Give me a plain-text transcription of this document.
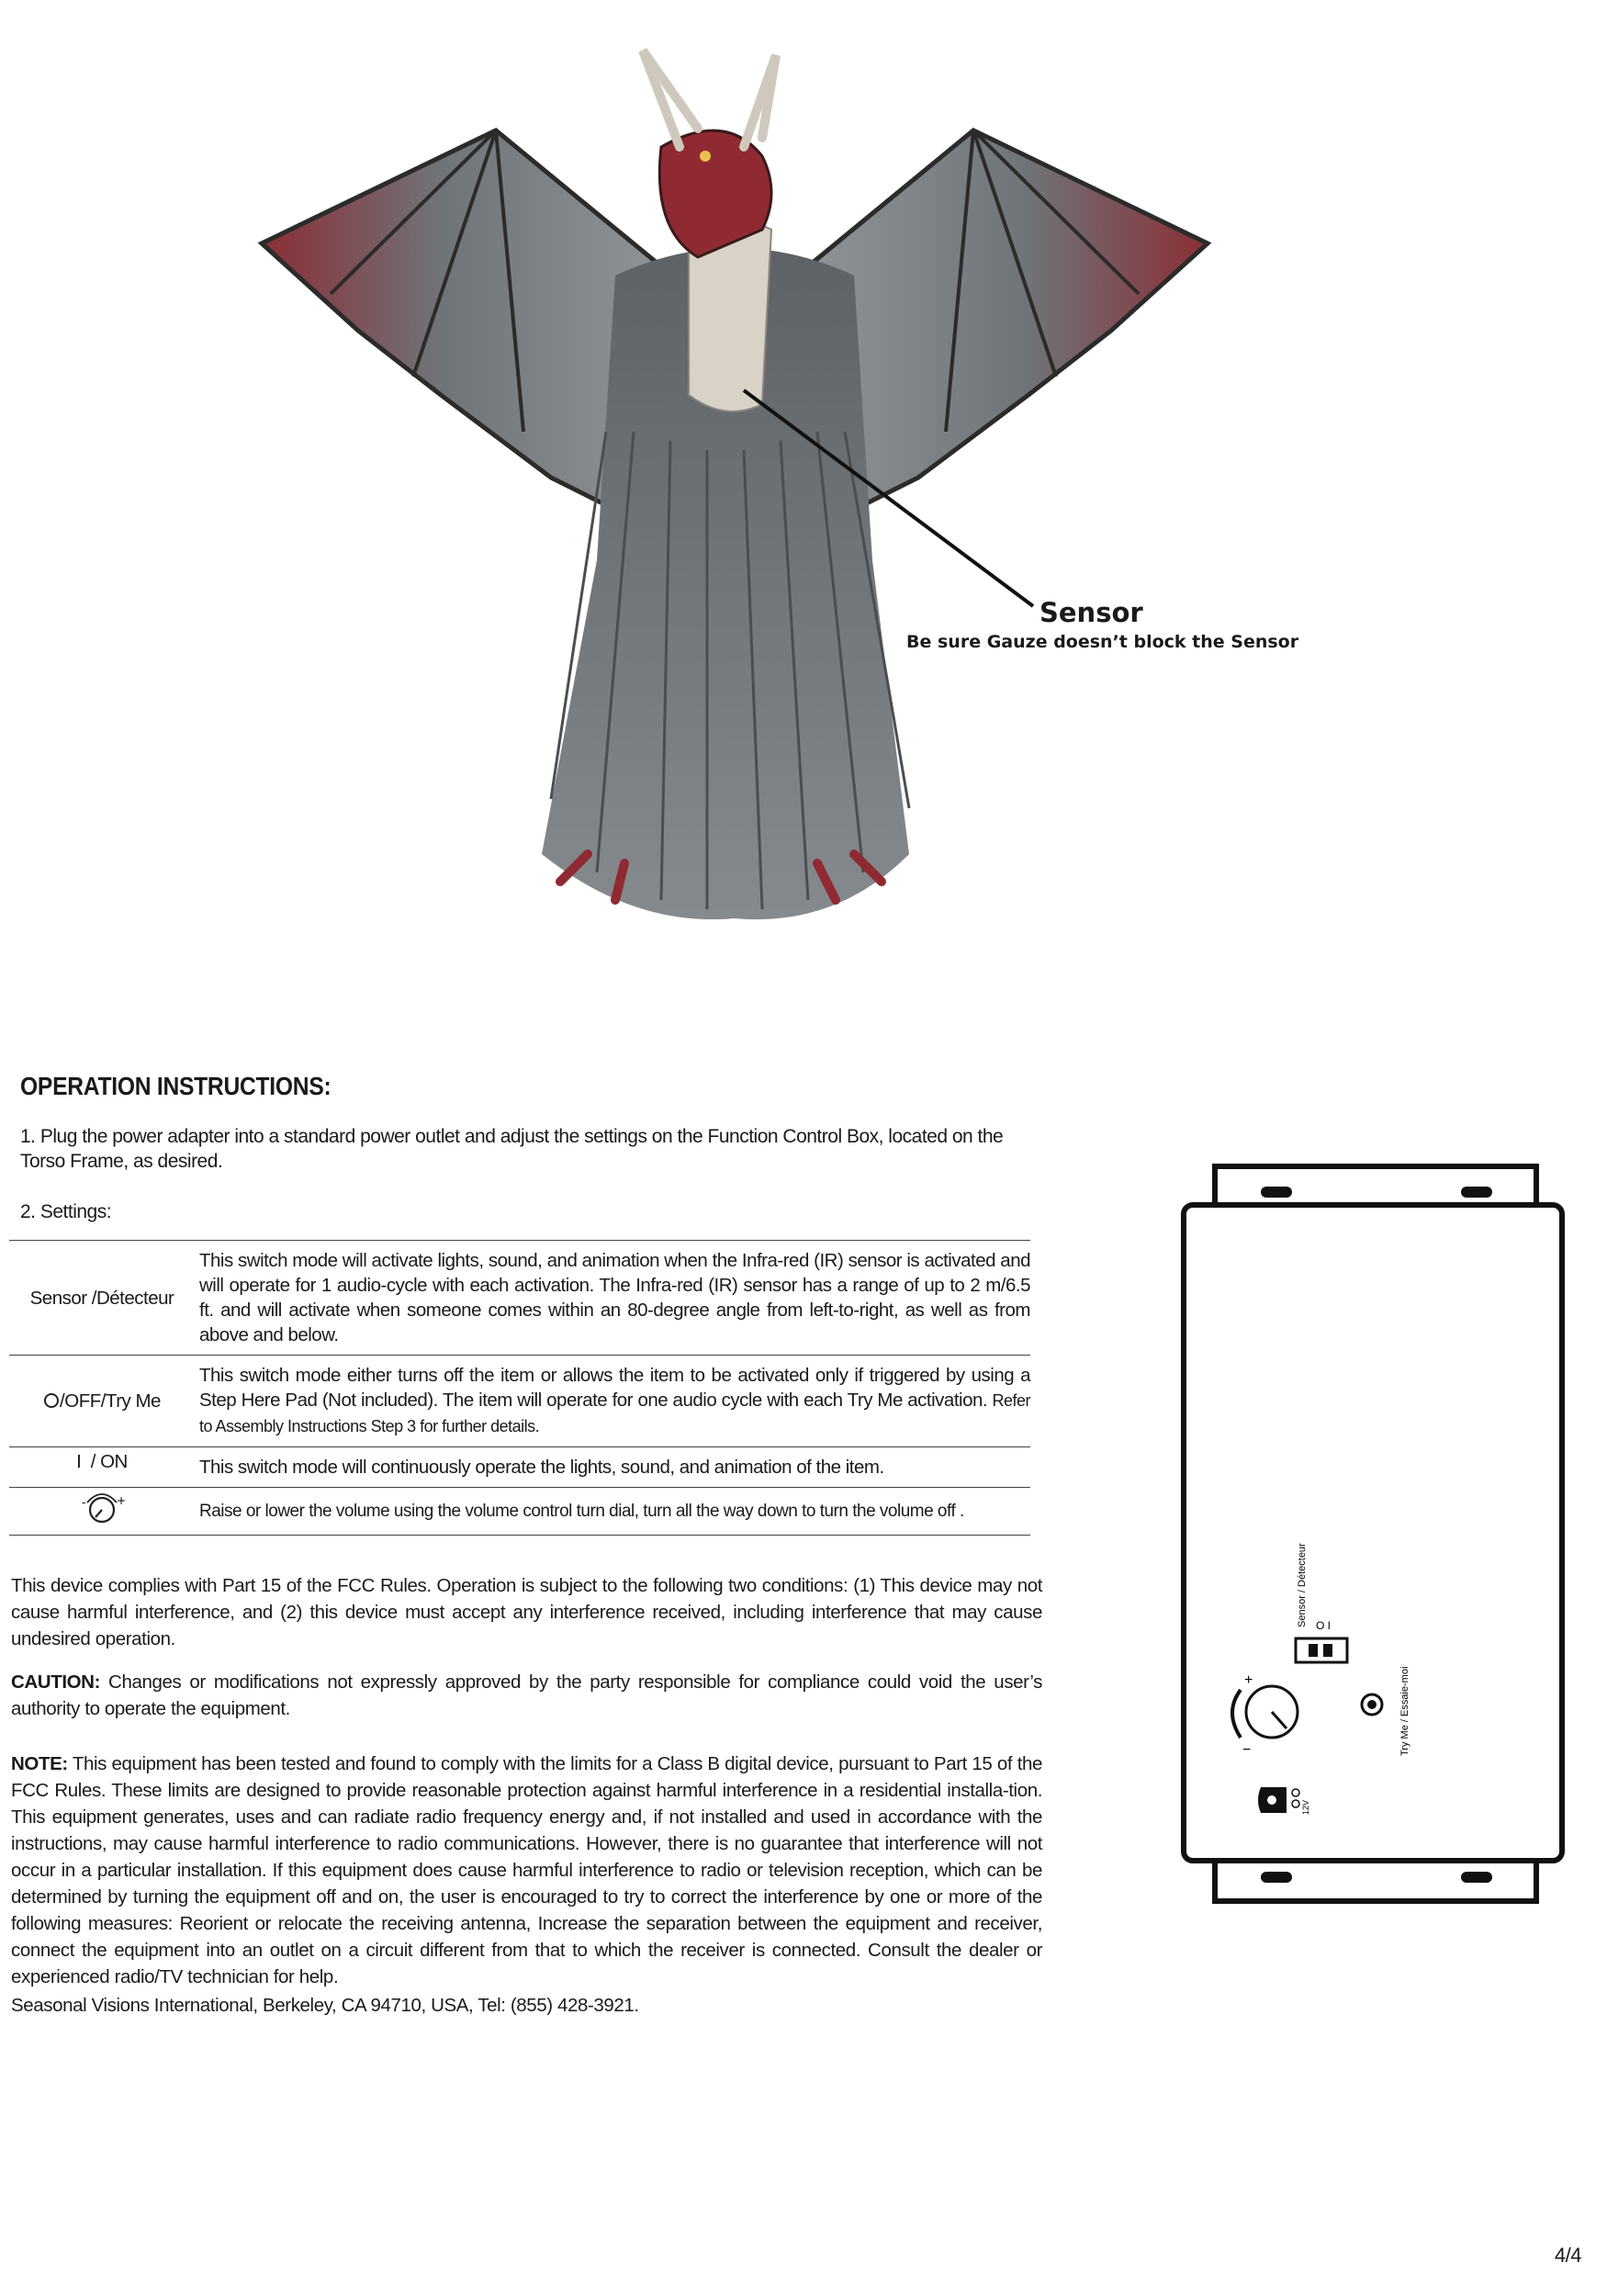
Sensor
Be sure Gauze doesn’t block the Sensor
OPERATION INSTRUCTIONS:
1. Plug the power adapter into a standard power outlet and adjust the settings on the Function Control Box, located on the Torso Frame, as desired.
2. Settings:
Sensor /Détecteur	This switch mode will activate lights, sound, and animation when the Infra-red (IR) sensor is activated and will operate for 1 audio-cycle with each activation. The Infra-red (IR) sensor has a range of up to 2 m/6.5 ft. and will activate when someone comes within an 80-degree angle from left-to-right, as well as from above and below.
/OFF/Try Me	This switch mode either turns off the item or allows the item to be activated only if triggered by using a Step Here Pad (Not included). The item will operate for one audio cycle with each Try Me activation. Refer to Assembly Instructions Step 3 for further details.
I  / ON	This switch mode will continuously operate the lights, sound, and animation of the item.

- +	Raise or lower the volume using the volume control turn dial, turn all the way down to turn the volume off .
This device complies with Part 15 of the FCC Rules. Operation is subject to the following two conditions: (1) This device may not cause harmful interference, and (2) this device must accept any interference received, including interference that may cause undesired operation.
CAUTION: Changes or modifications not expressly approved by the party responsible for compliance could void the user’s authority to operate the equipment.
NOTE: This equipment has been tested and found to comply with the limits for a Class B digital device, pursuant to Part 15 of the FCC Rules. These limits are designed to provide reasonable protection against harmful interference in a residential installa-tion. This equipment generates, uses and can radiate radio frequency energy and, if not installed and used in accordance with the instructions, may cause harmful interference to radio communications. However, there is no guarantee that interference will not occur in a particular installation. If this equipment does cause harmful interference to radio or television reception, which can be determined by turning the equipment off and on, the user is encouraged to try to correct the interference by one or more of the following measures: Reorient or relocate the receiving antenna, Increase the separation between the equipment and receiver, connect the equipment into an outlet on a circuit different from that to which the receiver is connected. Consult the dealer or experienced radio/TV technician for help.
Seasonal Visions International, Berkeley, CA 94710, USA, Tel: (855) 428-3921.
Sensor / Détecteur O I
+
−	Try Me / Essaie-moi
12V
4/4
